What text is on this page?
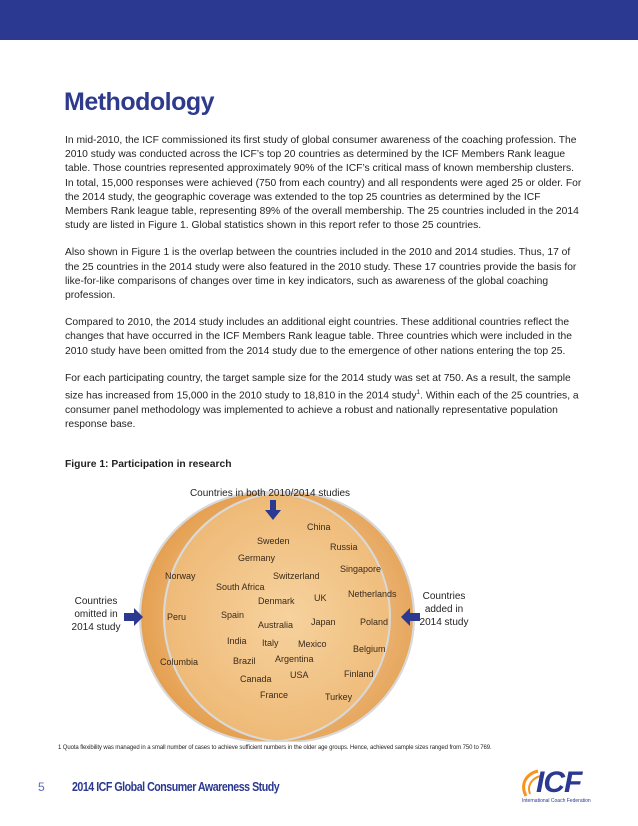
Methodology

In mid-2010, the ICF commissioned its first study of global consumer awareness of the coaching profession. The 2010 study was conducted across the ICF’s top 20 countries as determined by the ICF Members Rank league table. Those countries represented approximately 90% of the ICF’s critical mass of known membership clusters. In total, 15,000 responses were achieved (750 from each country) and all respondents were aged 25 or older. For the 2014 study, the geographic coverage was extended to the top 25 countries as determined by the ICF Members Rank league table, representing 89% of the overall membership. The 25 countries included in the 2014 study are listed in Figure 1. Global statistics shown in this report refer to those 25 countries.

Also shown in Figure 1 is the overlap between the countries included in the 2010 and 2014 studies. Thus, 17 of the 25 countries in the 2014 study were also featured in the 2010 study. These 17 countries provide the basis for like-for-like comparisons of changes over time in key indicators, such as awareness of the global coaching profession.

Compared to 2010, the 2014 study includes an additional eight countries. These additional countries reflect the changes that have occurred in the ICF Members Rank league table. Three countries which were included in the 2010 study have been omitted from the 2014 study due to the emergence of other nations entering the top 25.

For each participating country, the target sample size for the 2014 study was set at 750. As a result, the sample size has increased from 15,000 in the 2010 study to 18,810 in the 2014 study$^1$. Within each of the 25 countries, a consumer panel methodology was implemented to achieve a robust and nationally representative population response base.

Figure 1: Participation in research
Countries in both 2010/2014 studies
Countries
omitted in
2014 study
Countries
added in
2014 study
Norway
Peru
Columbia
Sweden
Germany
Switzerland
South Africa
Denmark UK
Spain
Australia Japan
India Italy Mexico
Brazil Argentina
Canada USA
France
China
Russia
Singapore
Netherlands
Poland
Belgium
Finland
Turkey
1 Quota flexibility was managed in a small number of cases to achieve sufficient numbers in the older age groups. Hence, achieved sample sizes ranged from 750 to 769.
5 2014 ICF Global Consumer Awareness Study	ICF
International Coach Federation
